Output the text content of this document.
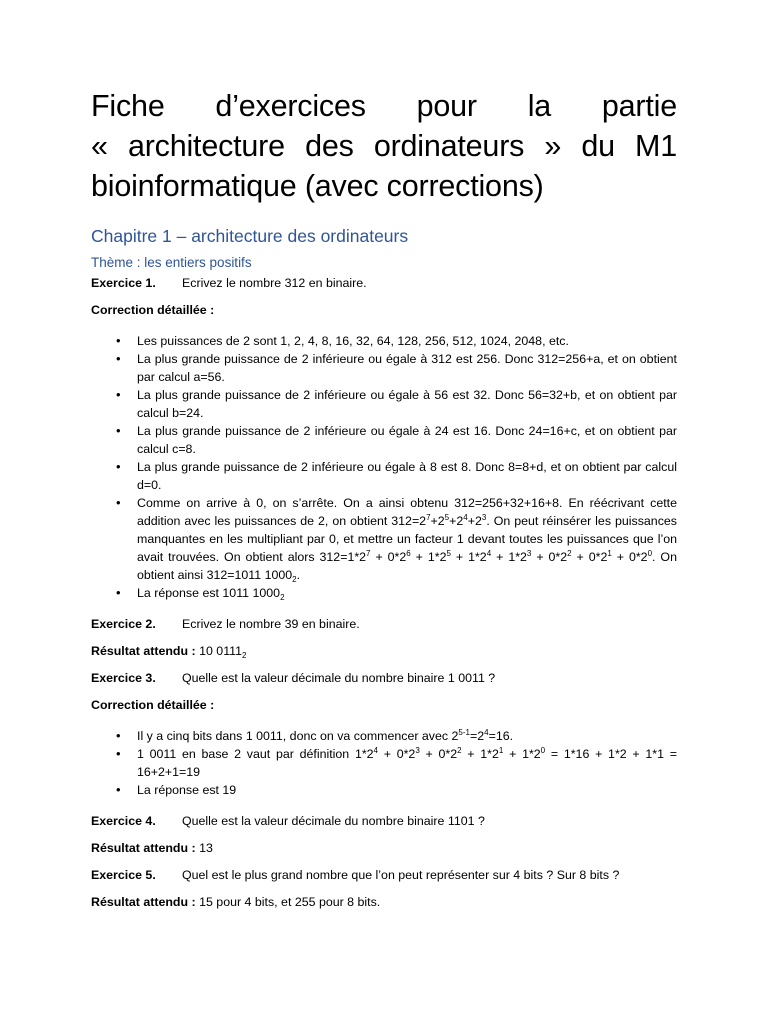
Fiche d’exercices pour la partie
« architecture des ordinateurs » du M1
bioinformatique (avec corrections)
Chapitre 1 – architecture des ordinateurs
Thème : les entiers positifs

Exercice 1.	Ecrivez le nombre 312 en binaire.

Correction détaillée :

• Les puissances de 2 sont 1, 2, 4, 8, 16, 32, 64, 128, 256, 512, 1024, 2048, etc.
• La plus grande puissance de 2 inférieure ou égale à 312 est 256. Donc 312=256+a, et on obtient par calcul a=56.
• La plus grande puissance de 2 inférieure ou égale à 56 est 32. Donc 56=32+b, et on obtient par calcul b=24.
• La plus grande puissance de 2 inférieure ou égale à 24 est 16. Donc 24=16+c, et on obtient par calcul c=8.
• La plus grande puissance de 2 inférieure ou égale à 8 est 8. Donc 8=8+d, et on obtient par calcul d=0.
• Comme on arrive à 0, on s’arrête. On a ainsi obtenu 312=256+32+16+8. En réécrivant cette addition avec les puissances de 2, on obtient $312=2^7+2^5+2^4+2^3$. On peut réinsérer les puissances manquantes en les multipliant par 0, et mettre un facteur 1 devant toutes les puissances que l’on avait trouvées. On obtient alors $312=1*2^7 + 0*2^6 + 1*2^5 + 1*2^4 + 1*2^3 + 0*2^2 + 0*2^1 + 0*2^0$. On obtient ainsi 312=1011 $1000_2$.
• La réponse est 1011 $1000_2$

Exercice 2.	Ecrivez le nombre 39 en binaire.

Résultat attendu : 10 $0111_2$

Exercice 3.	Quelle est la valeur décimale du nombre binaire 1 0011 ?

Correction détaillée :

• Il y a cinq bits dans 1 0011, donc on va commencer avec $2^{5-1}=2^4=16$.
• 1 0011 en base 2 vaut par définition $1*2^4 + 0*2^3 + 0*2^2 + 1*2^1 + 1*2^0 = 1*16 + 1*2 + 1*1 = 16+2+1=19$
• La réponse est 19

Exercice 4.	Quelle est la valeur décimale du nombre binaire 1101 ?

Résultat attendu : 13

Exercice 5.	Quel est le plus grand nombre que l’on peut représenter sur 4 bits ? Sur 8 bits ?

Résultat attendu : 15 pour 4 bits, et 255 pour 8 bits.
